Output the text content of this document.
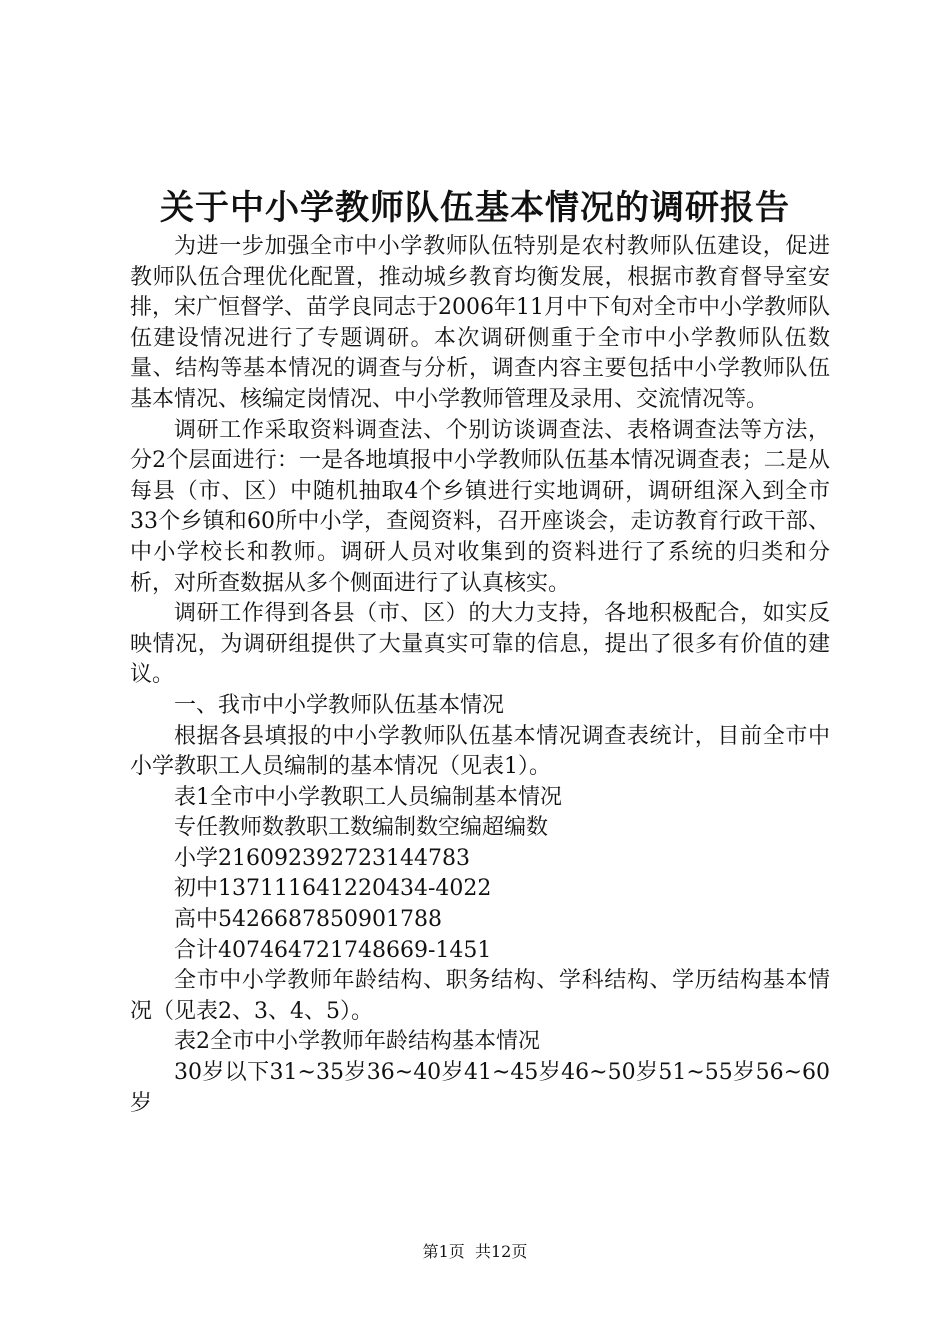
关于中小学教师队伍基本情况的调研报告

为进一步加强全市中小学教师队伍特别是农村教师队伍建设，促进教师队伍合理优化配置，推动城乡教育均衡发展，根据市教育督导室安排，宋广恒督学、苗学良同志于2006年11月中下旬对全市中小学教师队伍建设情况进行了专题调研。本次调研侧重于全市中小学教师队伍数量、结构等基本情况的调查与分析，调查内容主要包括中小学教师队伍基本情况、核编定岗情况、中小学教师管理及录用、交流情况等。

调研工作采取资料调查法、个别访谈调查法、表格调查法等方法，分2个层面进行：一是各地填报中小学教师队伍基本情况调查表；二是从每县（市、区）中随机抽取4个乡镇进行实地调研，调研组深入到全市33个乡镇和60所中小学，查阅资料，召开座谈会，走访教育行政干部、中小学校长和教师。调研人员对收集到的资料进行了系统的归类和分析，对所查数据从多个侧面进行了认真核实。

调研工作得到各县（市、区）的大力支持，各地积极配合，如实反映情况，为调研组提供了大量真实可靠的信息，提出了很多有价值的建议。

一、我市中小学教师队伍基本情况

根据各县填报的中小学教师队伍基本情况调查表统计，目前全市中小学教职工人员编制的基本情况（见表1）。

表1全市中小学教职工人员编制基本情况

专任教师数教职工数编制数空编超编数

小学216092392723144783

初中137111641220434-4022

高中5426687850901788

合计407464721748669-1451

全市中小学教师年龄结构、职务结构、学科结构、学历结构基本情况（见表2、3、4、5）。

表2全市中小学教师年龄结构基本情况

30岁以下31~35岁36~40岁41~45岁46~50岁51~55岁56~60岁

第1页 共12页
